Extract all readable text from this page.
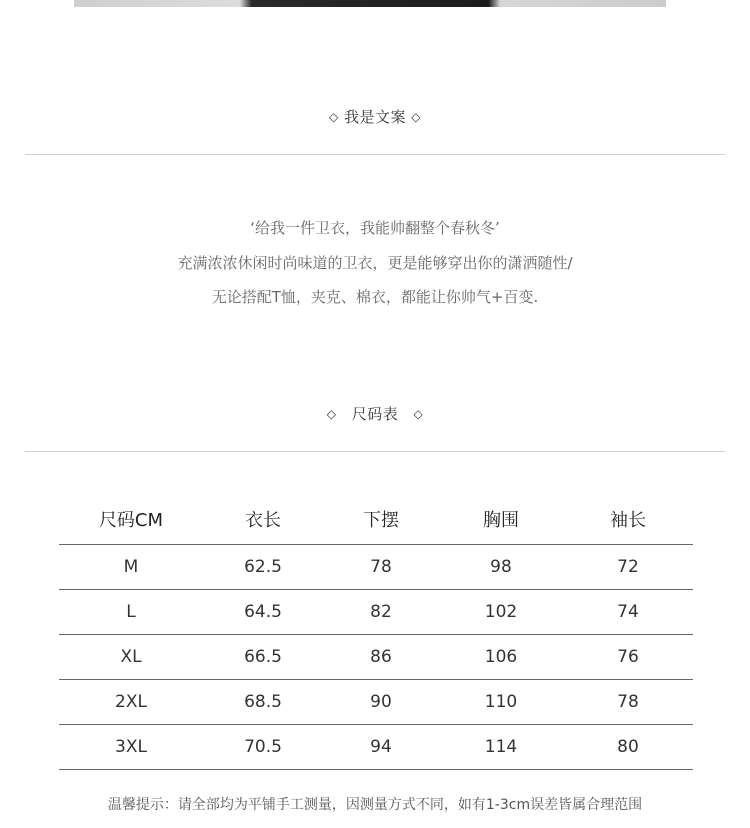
◇ 我是文案 ◇
‘给我一件卫衣，我能帅翻整个春秋冬’
充满浓浓休闲时尚味道的卫衣，更是能够穿出你的潇洒随性/
无论搭配T恤，夹克、棉衣，都能让你帅气+百变.
◇ 尺码表 ◇
尺码CM	衣长	下摆	胸围	袖长
M	62.5	78	98	72
L	64.5	82	102	74
XL	66.5	86	106	76
2XL	68.5	90	110	78
3XL	70.5	94	114	80
温馨提示：请全部均为平铺手工测量，因测量方式不同，如有1-3cm误差皆属合理范围
